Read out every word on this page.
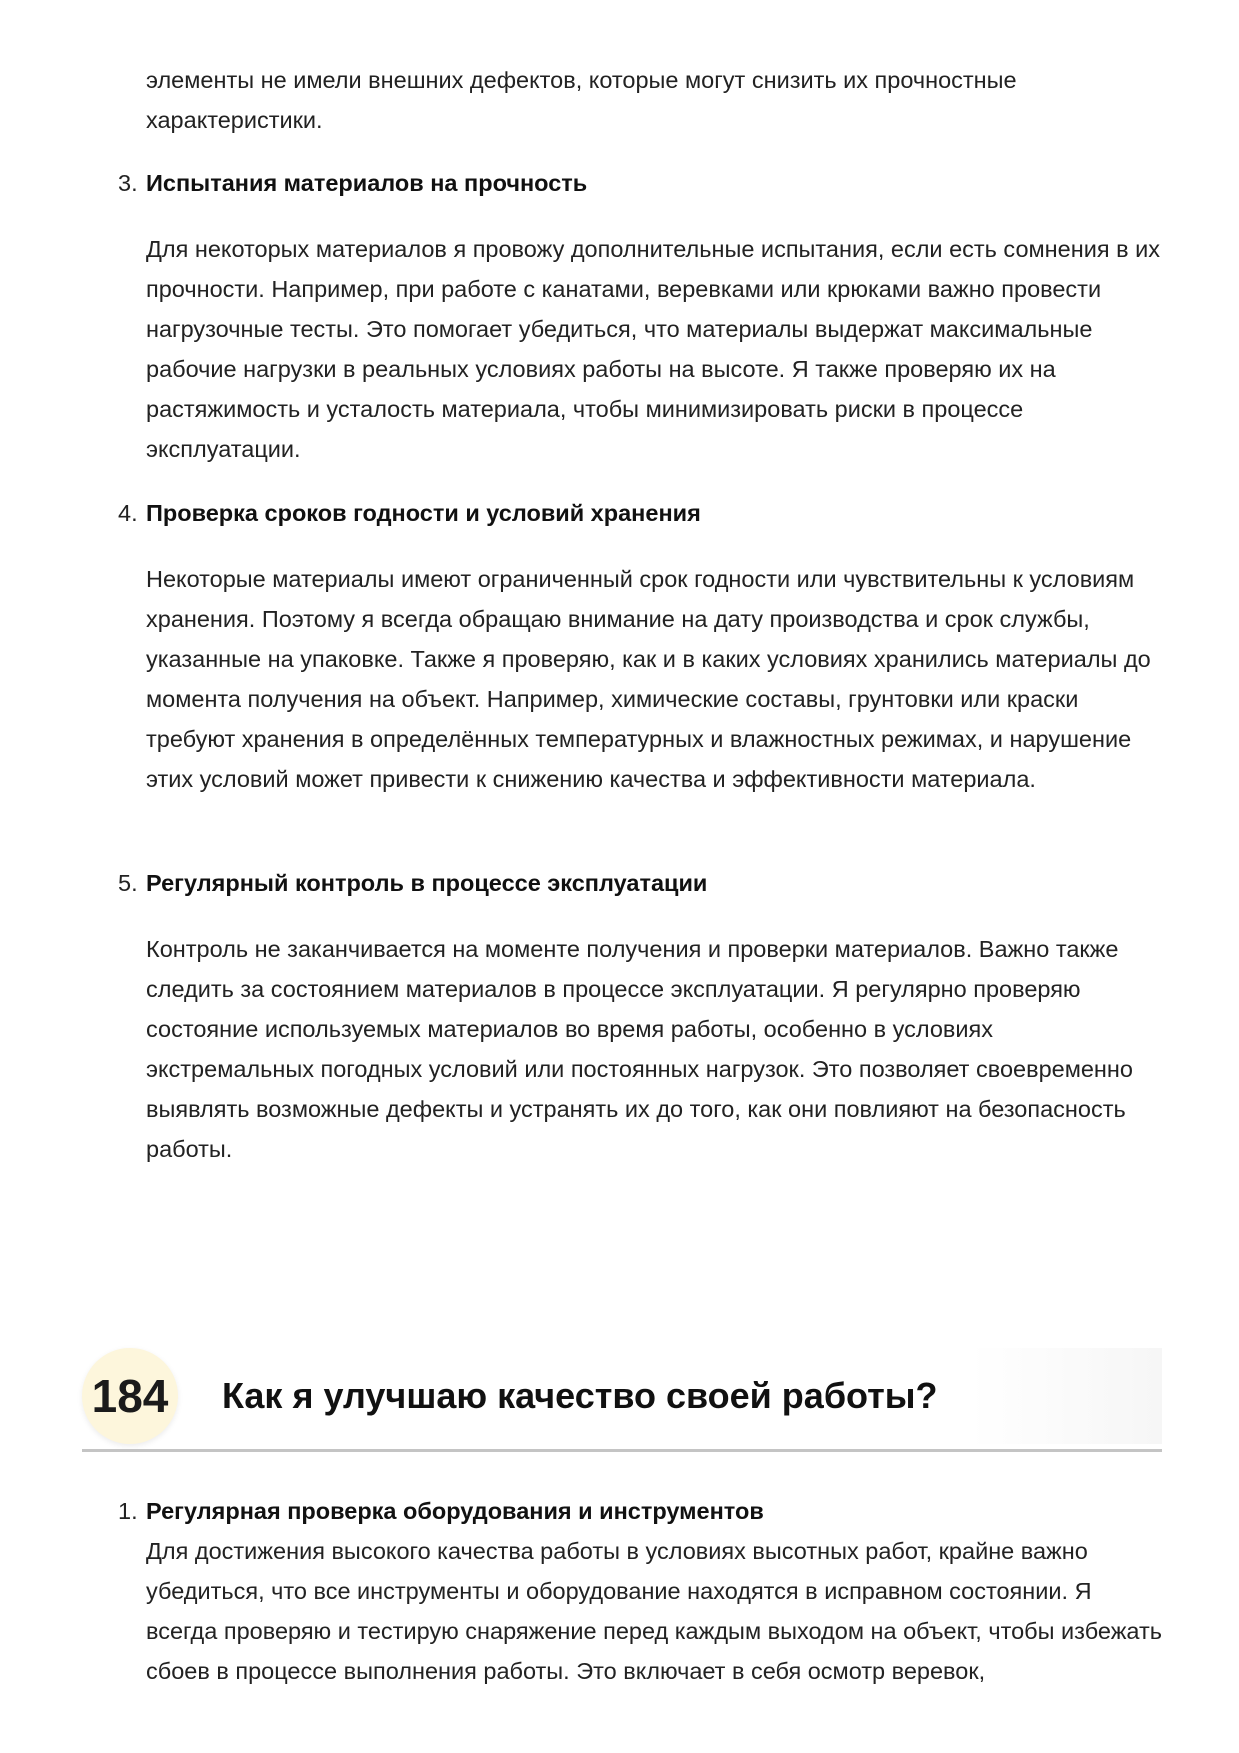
элементы не имели внешних дефектов, которые могут снизить их прочностные характеристики.
3. Испытания материалов на прочность
Для некоторых материалов я провожу дополнительные испытания, если есть сомнения в их прочности. Например, при работе с канатами, веревками или крюками важно провести нагрузочные тесты. Это помогает убедиться, что материалы выдержат максимальные рабочие нагрузки в реальных условиях работы на высоте. Я также проверяю их на растяжимость и усталость материала, чтобы минимизировать риски в процессе эксплуатации.
4. Проверка сроков годности и условий хранения
Некоторые материалы имеют ограниченный срок годности или чувствительны к условиям хранения. Поэтому я всегда обращаю внимание на дату производства и срок службы, указанные на упаковке. Также я проверяю, как и в каких условиях хранились материалы до момента получения на объект. Например, химические составы, грунтовки или краски требуют хранения в определённых температурных и влажностных режимах, и нарушение этих условий может привести к снижению качества и эффективности материала.
5. Регулярный контроль в процессе эксплуатации
Контроль не заканчивается на моменте получения и проверки материалов. Важно также следить за состоянием материалов в процессе эксплуатации. Я регулярно проверяю состояние используемых материалов во время работы, особенно в условиях экстремальных погодных условий или постоянных нагрузок. Это позволяет своевременно выявлять возможные дефекты и устранять их до того, как они повлияют на безопасность работы.
184 Как я улучшаю качество своей работы?
1. Регулярная проверка оборудования и инструментов
Для достижения высокого качества работы в условиях высотных работ, крайне важно убедиться, что все инструменты и оборудование находятся в исправном состоянии. Я всегда проверяю и тестирую снаряжение перед каждым выходом на объект, чтобы избежать сбоев в процессе выполнения работы. Это включает в себя осмотр веревок,
